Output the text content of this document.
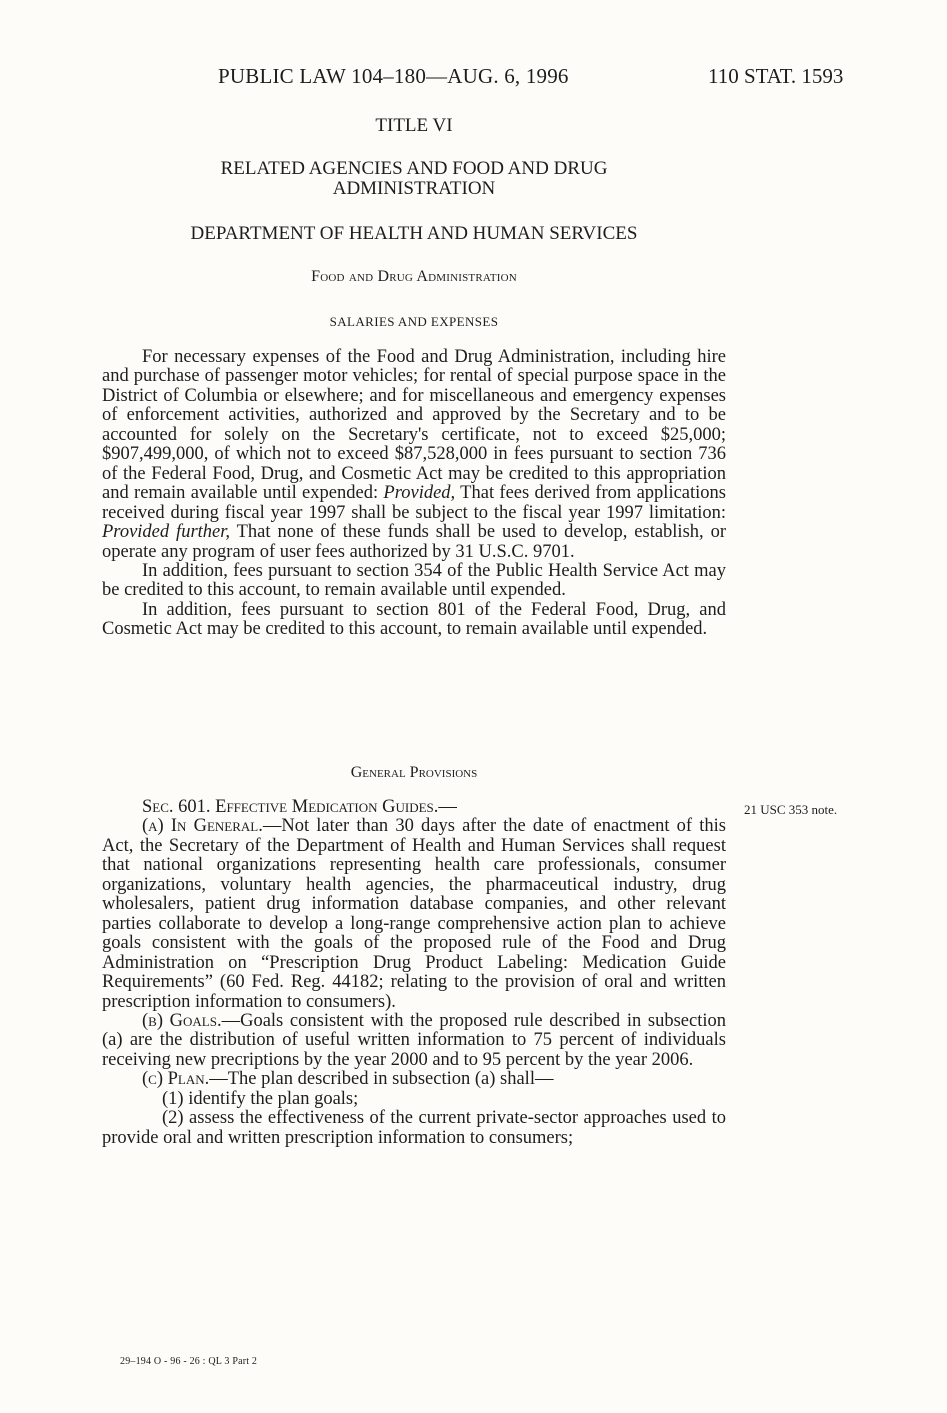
PUBLIC LAW 104–180—AUG. 6, 1996	110 STAT. 1593
TITLE VI
RELATED AGENCIES AND FOOD AND DRUG
ADMINISTRATION
DEPARTMENT OF HEALTH AND HUMAN SERVICES
Food and Drug Administration
SALARIES AND EXPENSES

For necessary expenses of the Food and Drug Administration, including hire and purchase of passenger motor vehicles; for rental of special purpose space in the District of Columbia or elsewhere; and for miscellaneous and emergency expenses of enforcement activities, authorized and approved by the Secretary and to be accounted for solely on the Secretary's certificate, not to exceed $25,000; $907,499,000, of which not to exceed $87,528,000 in fees pursuant to section 736 of the Federal Food, Drug, and Cosmetic Act may be credited to this appropriation and remain available until expended: Provided, That fees derived from applications received during fiscal year 1997 shall be subject to the fiscal year 1997 limitation: Provided further, That none of these funds shall be used to develop, establish, or operate any program of user fees authorized by 31 U.S.C. 9701.

In addition, fees pursuant to section 354 of the Public Health Service Act may be credited to this account, to remain available until expended.

In addition, fees pursuant to section 801 of the Federal Food, Drug, and Cosmetic Act may be credited to this account, to remain available until expended.

General Provisions
21 USC 353 note.

Sec. 601. Effective Medication Guides.—

(a) In General.—Not later than 30 days after the date of enactment of this Act, the Secretary of the Department of Health and Human Services shall request that national organizations representing health care professionals, consumer organizations, voluntary health agencies, the pharmaceutical industry, drug wholesalers, patient drug information database companies, and other relevant parties collaborate to develop a long-range comprehensive action plan to achieve goals consistent with the goals of the proposed rule of the Food and Drug Administration on “Prescription Drug Product Labeling: Medication Guide Requirements” (60 Fed. Reg. 44182; relating to the provision of oral and written prescription information to consumers).

(b) Goals.—Goals consistent with the proposed rule described in subsection (a) are the distribution of useful written information to 75 percent of individuals receiving new precriptions by the year 2000 and to 95 percent by the year 2006.

(c) Plan.—The plan described in subsection (a) shall—

(1) identify the plan goals;

(2) assess the effectiveness of the current private-sector approaches used to provide oral and written prescription information to consumers;

29–194 O - 96 - 26 : QL 3 Part 2
